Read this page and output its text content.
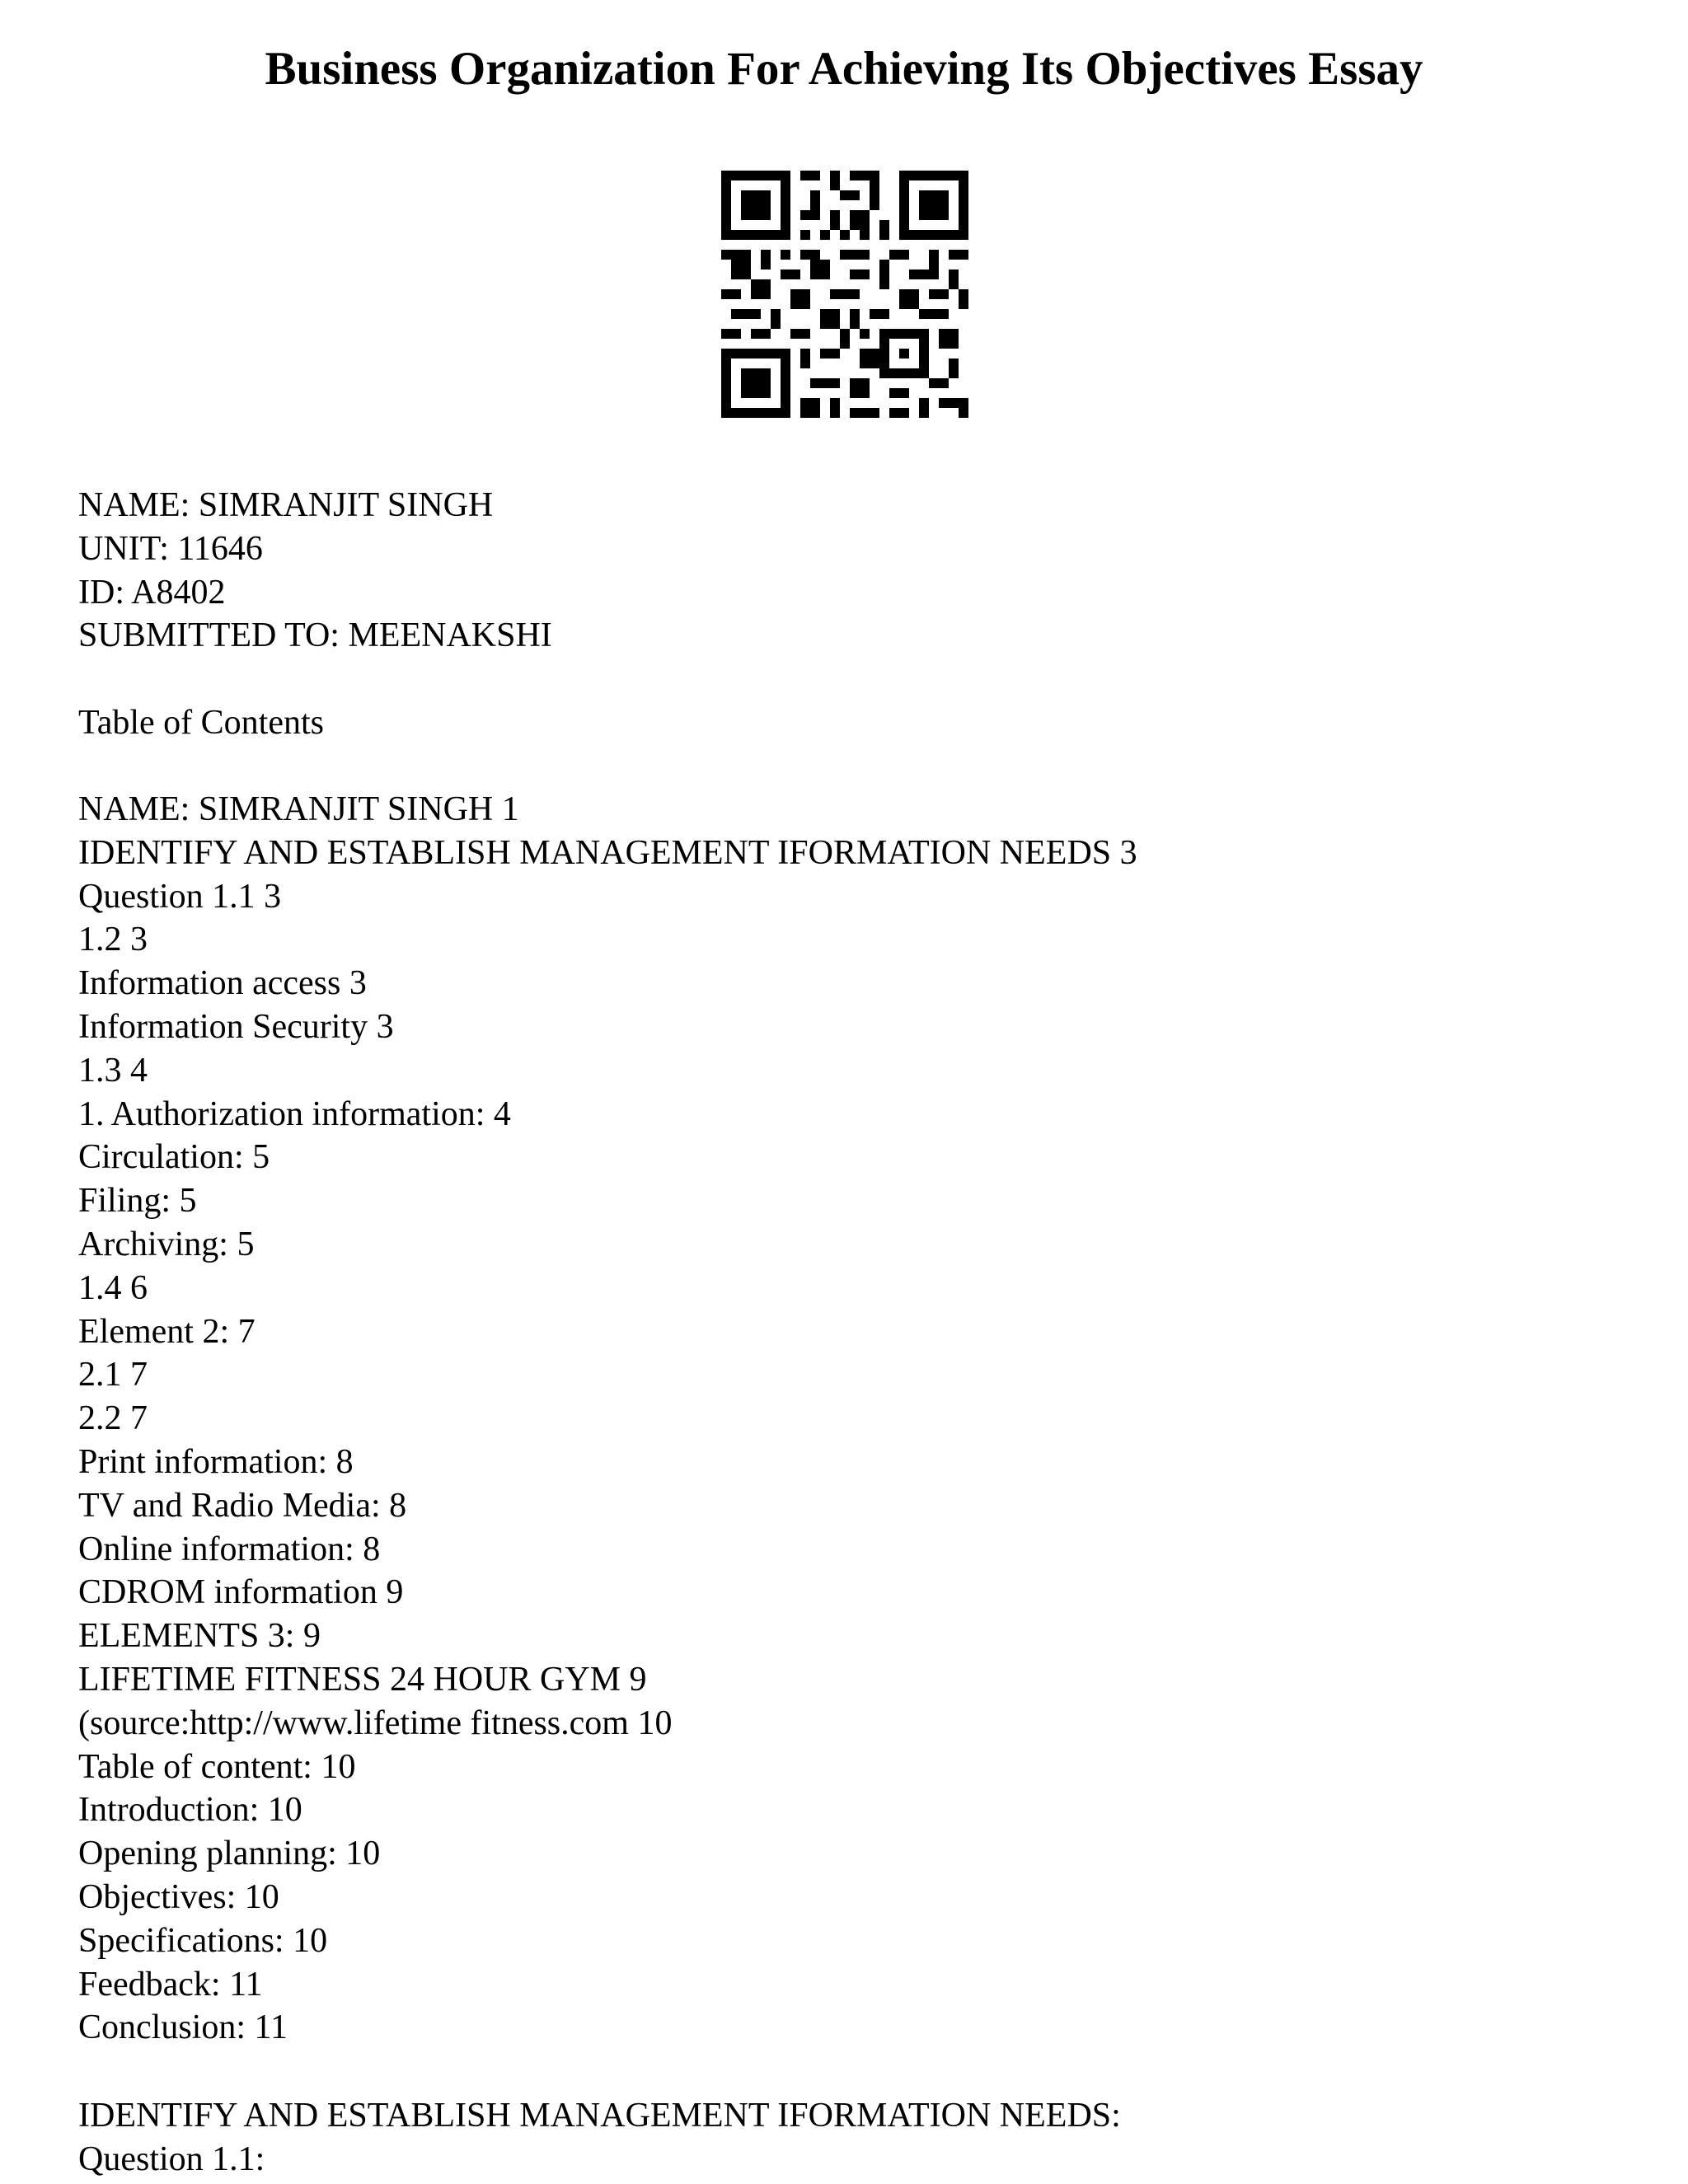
Business Organization For Achieving Its Objectives Essay
NAME: SIMRANJIT SINGH
UNIT: 11646
ID: A8402
SUBMITTED TO: MEENAKSHI
Table of Contents
NAME: SIMRANJIT SINGH 1
IDENTIFY AND ESTABLISH MANAGEMENT IFORMATION NEEDS 3
Question 1.1 3
1.2 3
Information access 3
Information Security 3
1.3 4
1. Authorization information: 4
Circulation: 5
Filing: 5
Archiving: 5
1.4 6
Element 2: 7
2.1 7
2.2 7
Print information: 8
TV and Radio Media: 8
Online information: 8
CDROM information 9
ELEMENTS 3: 9
LIFETIME FITNESS 24 HOUR GYM 9
(source:http://www.lifetime fitness.com 10
Table of content: 10
Introduction: 10
Opening planning: 10
Objectives: 10
Specifications: 10
Feedback: 11
Conclusion: 11
IDENTIFY AND ESTABLISH MANAGEMENT IFORMATION NEEDS:
Question 1.1:
